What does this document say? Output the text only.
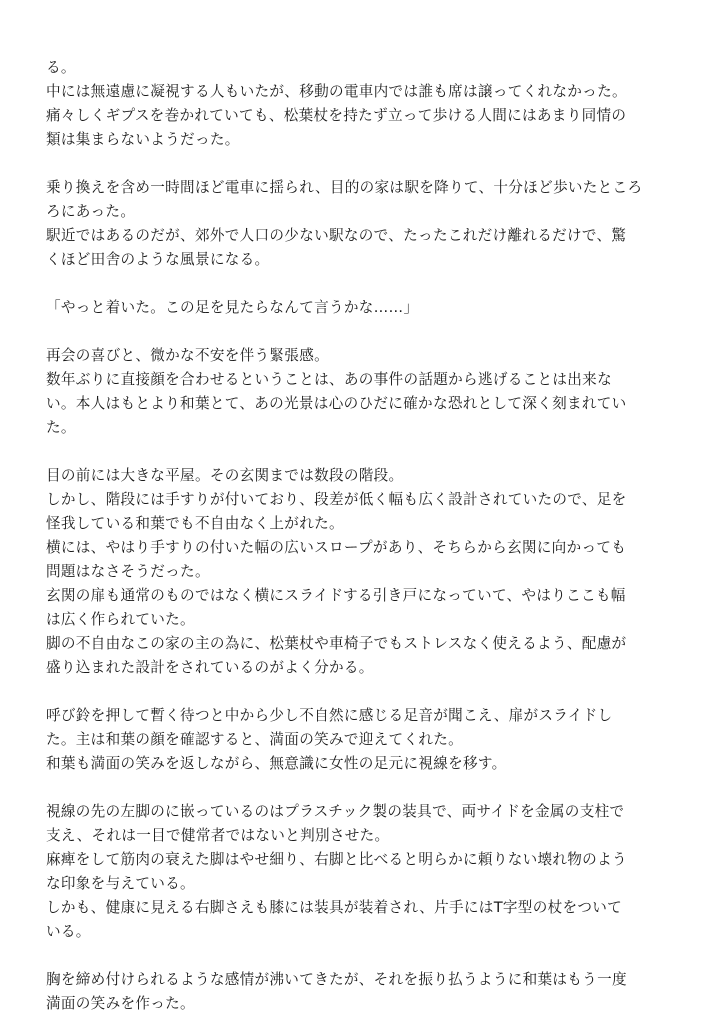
る。
中には無遠慮に凝視する人もいたが、移動の電車内では誰も席は譲ってくれなかった。
痛々しくギプスを巻かれていても、松葉杖を持たず立って歩ける人間にはあまり同情の
類は集まらないようだった。
乗り換えを含め一時間ほど電車に揺られ、目的の家は駅を降りて、十分ほど歩いたところ
ろにあった。
駅近ではあるのだが、郊外で人口の少ない駅なので、たったこれだけ離れるだけで、驚
くほど田舎のような風景になる。
「やっと着いた。この足を見たらなんて言うかな……」
再会の喜びと、微かな不安を伴う緊張感。
数年ぶりに直接顔を合わせるということは、あの事件の話題から逃げることは出来な
い。本人はもとより和葉とて、あの光景は心のひだに確かな恐れとして深く刻まれてい
た。
目の前には大きな平屋。その玄関までは数段の階段。
しかし、階段には手すりが付いており、段差が低く幅も広く設計されていたので、足を
怪我している和葉でも不自由なく上がれた。
横には、やはり手すりの付いた幅の広いスロープがあり、そちらから玄関に向かっても
問題はなさそうだった。
玄関の扉も通常のものではなく横にスライドする引き戸になっていて、やはりここも幅
は広く作られていた。
脚の不自由なこの家の主の為に、松葉杖や車椅子でもストレスなく使えるよう、配慮が
盛り込まれた設計をされているのがよく分かる。
呼び鈴を押して暫く待つと中から少し不自然に感じる足音が聞こえ、扉がスライドし
た。主は和葉の顔を確認すると、満面の笑みで迎えてくれた。
和葉も満面の笑みを返しながら、無意識に女性の足元に視線を移す。
視線の先の左脚のに嵌っているのはプラスチック製の装具で、両サイドを金属の支柱で
支え、それは一目で健常者ではないと判別させた。
麻痺をして筋肉の衰えた脚はやせ細り、右脚と比べると明らかに頼りない壊れ物のよう
な印象を与えている。
しかも、健康に見える右脚さえも膝には装具が装着され、片手にはT字型の杖をついて
いる。
胸を締め付けられるような感情が沸いてきたが、それを振り払うように和葉はもう一度
満面の笑みを作った。
